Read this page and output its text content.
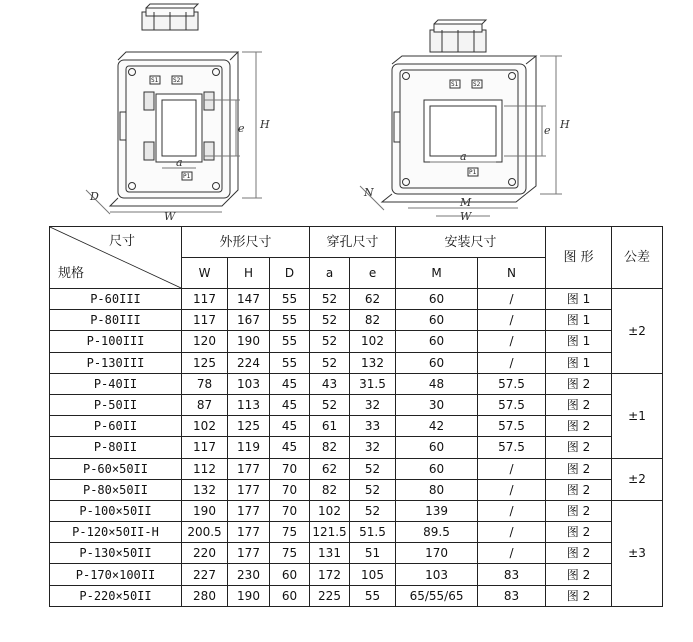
H
e
a
W
D
S1 S2
P1
H
e
a
M
W
N
S1 S2
P1
尺寸
规格	外形尺寸			穿孔尺寸		安装尺寸		图 形	公差
	W	H	D	a	e	M	N		
P-60III	117	147	55	52	62	60	/	图 1	±2
P-80III	117	167	55	52	82	60	/	图 1	
P-100III	120	190	55	52	102	60	/	图 1	
P-130III	125	224	55	52	132	60	/	图 1	
P-40II	78	103	45	43	31.5	48	57.5	图 2	±1
P-50II	87	113	45	52	32	30	57.5	图 2	
P-60II	102	125	45	61	33	42	57.5	图 2	
P-80II	117	119	45	82	32	60	57.5	图 2	
P-60×50II	112	177	70	62	52	60	/	图 2	±2
P-80×50II	132	177	70	82	52	80	/	图 2	
P-100×50II	190	177	70	102	52	139	/	图 2	±3
P-120×50II-H	200.5	177	75	121.5	51.5	89.5	/	图 2	
P-130×50II	220	177	75	131	51	170	/	图 2	
P-170×100II	227	230	60	172	105	103	83	图 2	
P-220×50II	280	190	60	225	55	65/55/65	83	图 2	
